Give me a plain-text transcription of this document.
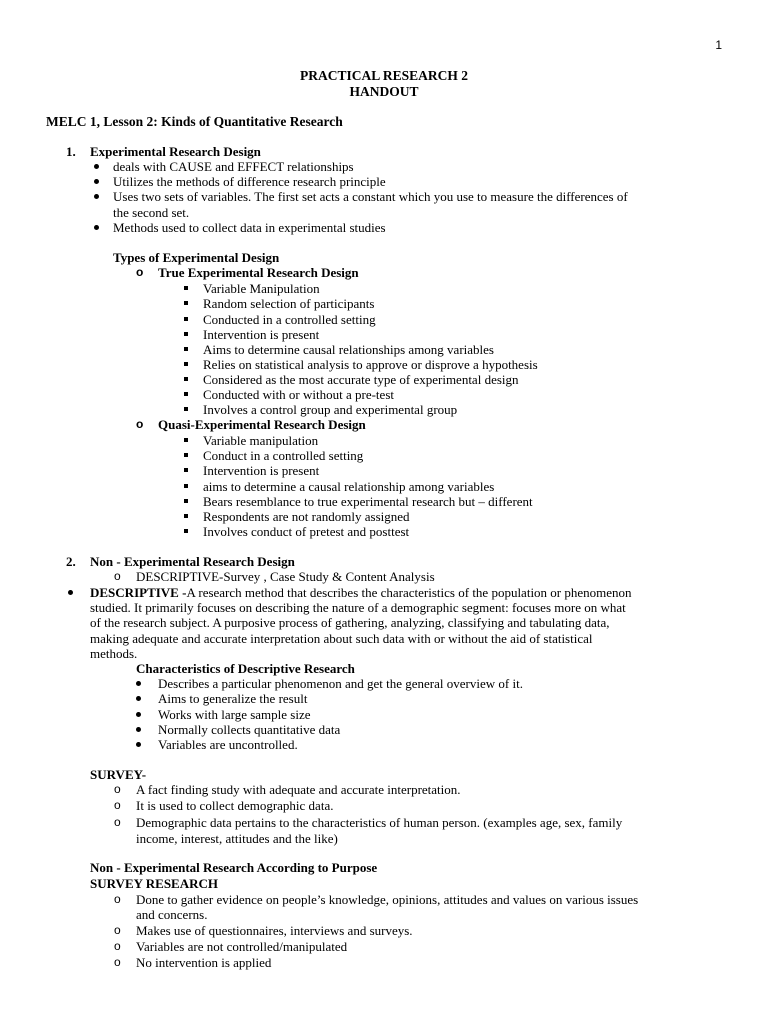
1
PRACTICAL RESEARCH 2
HANDOUT
MELC 1, Lesson 2: Kinds of Quantitative Research
1. Experimental Research Design
deals with CAUSE and EFFECT relationships
Utilizes the methods of difference research principle
Uses two sets of variables. The first set acts a constant which you use to measure the differences of
the second set.
Methods used to collect data in experimental studies
Types of Experimental Design
o True Experimental Research Design
Variable Manipulation
Random selection of participants
Conducted in a controlled setting
Intervention is present
Aims to determine causal relationships among variables
Relies on statistical analysis to approve or disprove a hypothesis
Considered as the most accurate type of experimental design
Conducted with or without a pre-test
Involves a control group and experimental group
o Quasi-Experimental Research Design
Variable manipulation
Conduct in a controlled setting
Intervention is present
aims to determine a causal relationship among variables
Bears resemblance to true experimental research but – different
Respondents are not randomly assigned
Involves conduct of pretest and posttest
2. Non - Experimental Research Design
o DESCRIPTIVE-Survey , Case Study & Content Analysis
DESCRIPTIVE -A research method that describes the characteristics of the population or phenomenon
studied. It primarily focuses on describing the nature of a demographic segment: focuses more on what
of the research subject. A purposive process of gathering, analyzing, classifying and tabulating data,
making adequate and accurate interpretation about such data with or without the aid of statistical
methods.
Characteristics of Descriptive Research
Describes a particular phenomenon and get the general overview of it.
Aims to generalize the result
Works with large sample size
Normally collects quantitative data
Variables are uncontrolled.
SURVEY-
o A fact finding study with adequate and accurate interpretation.
o It is used to collect demographic data.
o Demographic data pertains to the characteristics of human person. (examples age, sex, family
income, interest, attitudes and the like)
Non - Experimental Research According to Purpose
SURVEY RESEARCH
o Done to gather evidence on people’s knowledge, opinions, attitudes and values on various issues
and concerns.
o Makes use of questionnaires, interviews and surveys.
o Variables are not controlled/manipulated
o No intervention is applied
